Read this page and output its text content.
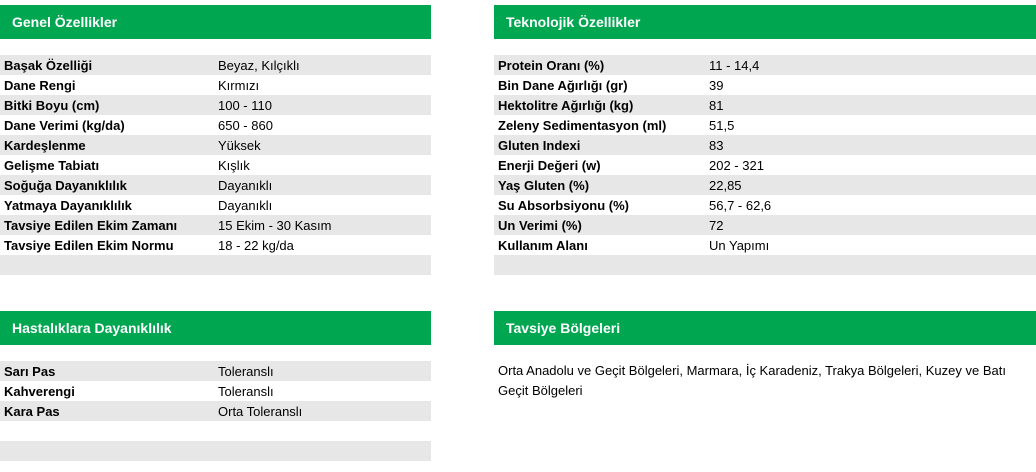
Genel Özellikler
Başak Özelliği	Beyaz, Kılçıklı
Dane Rengi	Kırmızı
Bitki Boyu (cm)	100 - 110
Dane Verimi (kg/da)	650 - 860
Kardeşlenme	Yüksek
Gelişme Tabiatı	Kışlık
Soğuğa Dayanıklılık	Dayanıklı
Yatmaya Dayanıklılık	Dayanıklı
Tavsiye Edilen Ekim Zamanı	15 Ekim - 30 Kasım
Tavsiye Edilen Ekim Normu	18 - 22 kg/da
Teknolojik Özellikler
Protein Oranı (%)	11 - 14,4
Bin Dane Ağırlığı (gr)	39
Hektolitre Ağırlığı (kg)	81
Zeleny Sedimentasyon (ml)	51,5
Gluten Indexi	83
Enerji Değeri (w)	202 - 321
Yaş Gluten (%)	22,85
Su Absorbsiyonu (%)	56,7 - 62,6
Un Verimi (%)	72
Kullanım Alanı	Un Yapımı
Hastalıklara Dayanıklılık
Sarı Pas	Toleranslı
Kahverengi	Toleranslı
Kara Pas	Orta Toleranslı
Tavsiye Bölgeleri
Orta Anadolu ve Geçit Bölgeleri, Marmara, İç Karadeniz, Trakya Bölgeleri, Kuzey ve Batı Geçit Bölgeleri
